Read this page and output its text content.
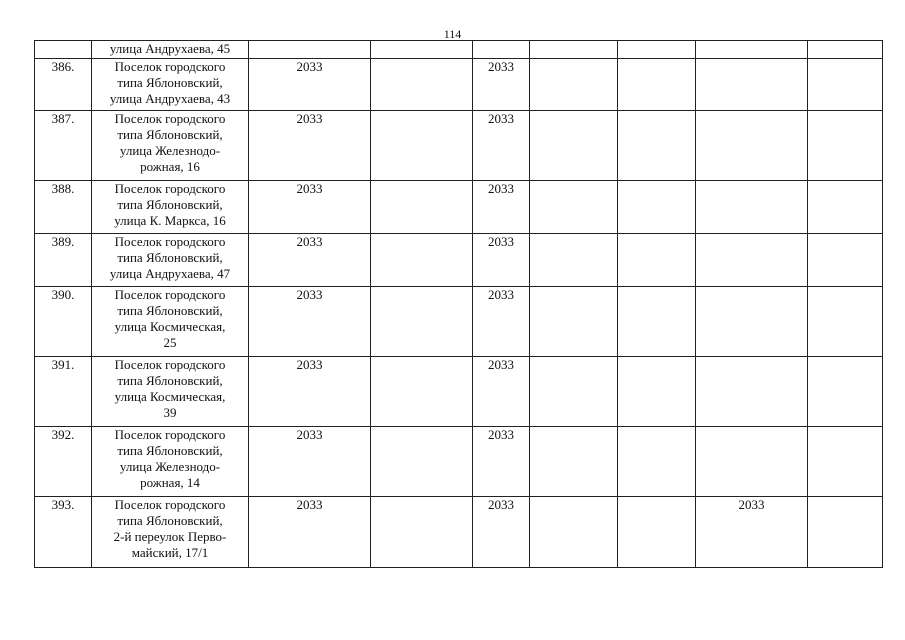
114
	улица Андрухаева, 45							
386.	Поселок городского
типа Яблоновский,
улица Андрухаева, 43	2033		2033				

387.	Поселок городского
типа Яблоновский,
улица Железнодо-
рожная, 16	2033		2033				

388.	Поселок городского
типа Яблоновский,
улица К. Маркса, 16	2033		2033				

389.	Поселок городского
типа Яблоновский,
улица Андрухаева, 47	2033		2033				

390.	Поселок городского
типа Яблоновский,
улица Космическая,
25	2033		2033				

391.	Поселок городского
типа Яблоновский,
улица Космическая,
39	2033		2033				

392.	Поселок городского
типа Яблоновский,
улица Железнодо-
рожная, 14	2033		2033				

393.	Поселок городского
типа Яблоновский,
2-й переулок Перво-
майский, 17/1	2033		2033			2033	
